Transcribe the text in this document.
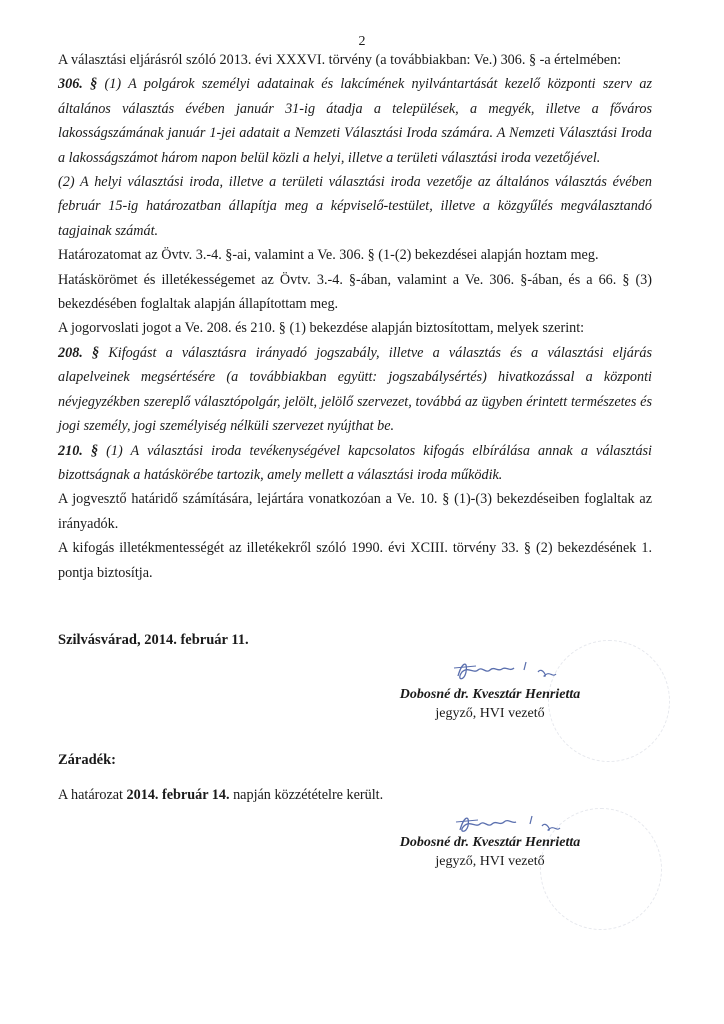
2

A választási eljárásról szóló 2013. évi XXXVI. törvény (a továbbiakban: Ve.) 306. § -a értelmében:

306. § (1) A polgárok személyi adatainak és lakcímének nyilvántartását kezelő központi szerv az általános választás évében január 31-ig átadja a települések, a megyék, illetve a főváros lakosságszámának január 1-jei adatait a Nemzeti Választási Iroda számára. A Nemzeti Választási Iroda a lakosságszámot három napon belül közli a helyi, illetve a területi választási iroda vezetőjével.

(2) A helyi választási iroda, illetve a területi választási iroda vezetője az általános választás évében február 15-ig határozatban állapítja meg a képviselő-testület, illetve a közgyűlés megválasztandó tagjainak számát.

Határozatomat az Övtv. 3.-4. §-ai, valamint a Ve. 306. § (1-(2) bekezdései alapján hoztam meg.

Hatáskörömet és illetékességemet az Övtv. 3.-4. §-ában, valamint a Ve. 306. §-ában, és a 66. § (3) bekezdésében foglaltak alapján állapítottam meg.

A jogorvoslati jogot a Ve. 208. és 210. § (1) bekezdése alapján biztosítottam, melyek szerint:

208. § Kifogást a választásra irányadó jogszabály, illetve a választás és a választási eljárás alapelveinek megsértésére (a továbbiakban együtt: jogszabálysértés) hivatkozással a központi névjegyzékben szereplő választópolgár, jelölt, jelölő szervezet, továbbá az ügyben érintett természetes és jogi személy, jogi személyiség nélküli szervezet nyújthat be.

210. § (1) A választási iroda tevékenységével kapcsolatos kifogás elbírálása annak a választási bizottságnak a hatáskörébe tartozik, amely mellett a választási iroda működik.

A jogvesztő határidő számítására, lejártára vonatkozóan a Ve. 10. § (1)-(3) bekezdéseiben foglaltak az irányadók.

A kifogás illetékmentességét az illetékekről szóló 1990. évi XCIII. törvény 33. § (2) bekezdésének 1. pontja biztosítja.

Szilvásvárad, 2014. február 11.
Dobosné dr. Kvesztár Henrietta
jegyző, HVI vezető
Záradék:
A határozat 2014. február 14. napján közzétételre került.
Dobosné dr. Kvesztár Henrietta
jegyző, HVI vezető
